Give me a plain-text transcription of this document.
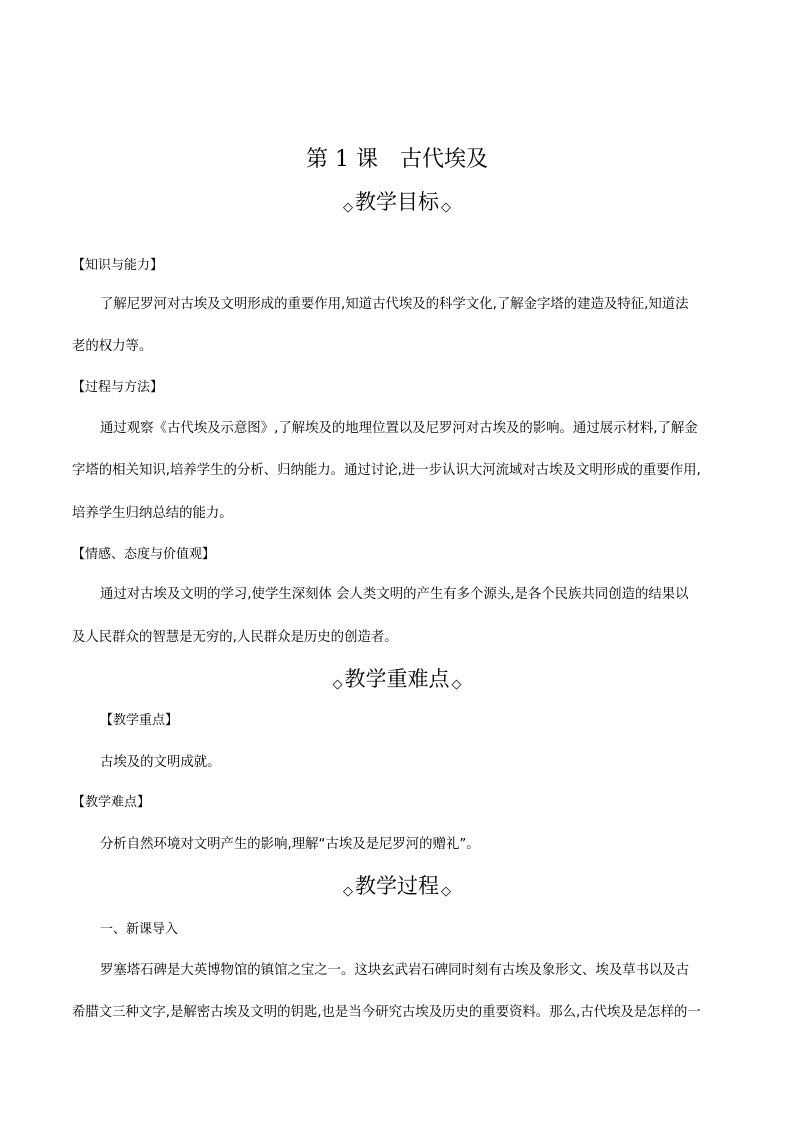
第 1 课 古代埃及
◇教学目标 ◇
【知识与能力】
了解尼罗河对古埃及文明形成的重要作用,知道古代埃及的科学文化,了解金字塔的建造及特征,知道法
老的权力等。
【过程与方法】
通过观察《古代埃及示意图》,了解埃及的地理位置以及尼罗河对古埃及的影响。通过展示材料,了解金
字塔的相关知识,培养学生的分析、归纳能力。通过讨论,进一步认识大河流域对古埃及文明形成的重要作用,
培养学生归纳总结的能力。
【情感、态度与价值观】
通过对古埃及文明的学习,使学生深刻体 会人类文明的产生有多个源头,是各个民族共同创造的结果以
及人民群众的智慧是无穷的,人民群众是历史的创造者。
◇教学重难点 ◇
【教学重点】
古埃及的文明成就。
【教学难点】
分析自然环境对文明产生的影响,理解“古埃及是尼罗河的赠礼”。
◇教学过程 ◇
一、新课导入
罗塞塔石碑是大英博物馆的镇馆之宝之一。这块玄武岩石碑同时刻有古埃及象形文、埃及草书以及古
希腊文三种文字,是解密古埃及文明的钥匙,也是当今研究古埃及历史的重要资料。那么,古代埃及是怎样的一
